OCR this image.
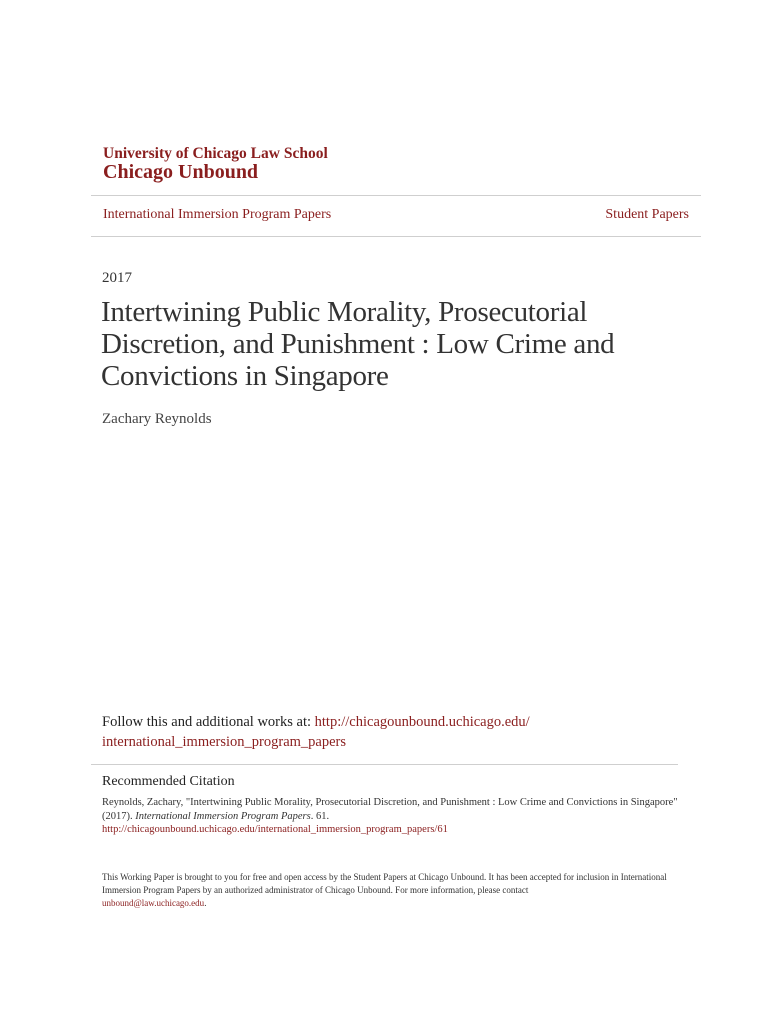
University of Chicago Law School
Chicago Unbound
International Immersion Program Papers	Student Papers
2017
Intertwining Public Morality, Prosecutorial Discretion, and Punishment : Low Crime and Convictions in Singapore
Zachary Reynolds
Follow this and additional works at: http://chicagounbound.uchicago.edu/
international_immersion_program_papers
Recommended Citation
Reynolds, Zachary, "Intertwining Public Morality, Prosecutorial Discretion, and Punishment : Low Crime and Convictions in Singapore" (2017). International Immersion Program Papers. 61.
http://chicagounbound.uchicago.edu/international_immersion_program_papers/61
This Working Paper is brought to you for free and open access by the Student Papers at Chicago Unbound. It has been accepted for inclusion in International Immersion Program Papers by an authorized administrator of Chicago Unbound. For more information, please contact
unbound@law.uchicago.edu.
